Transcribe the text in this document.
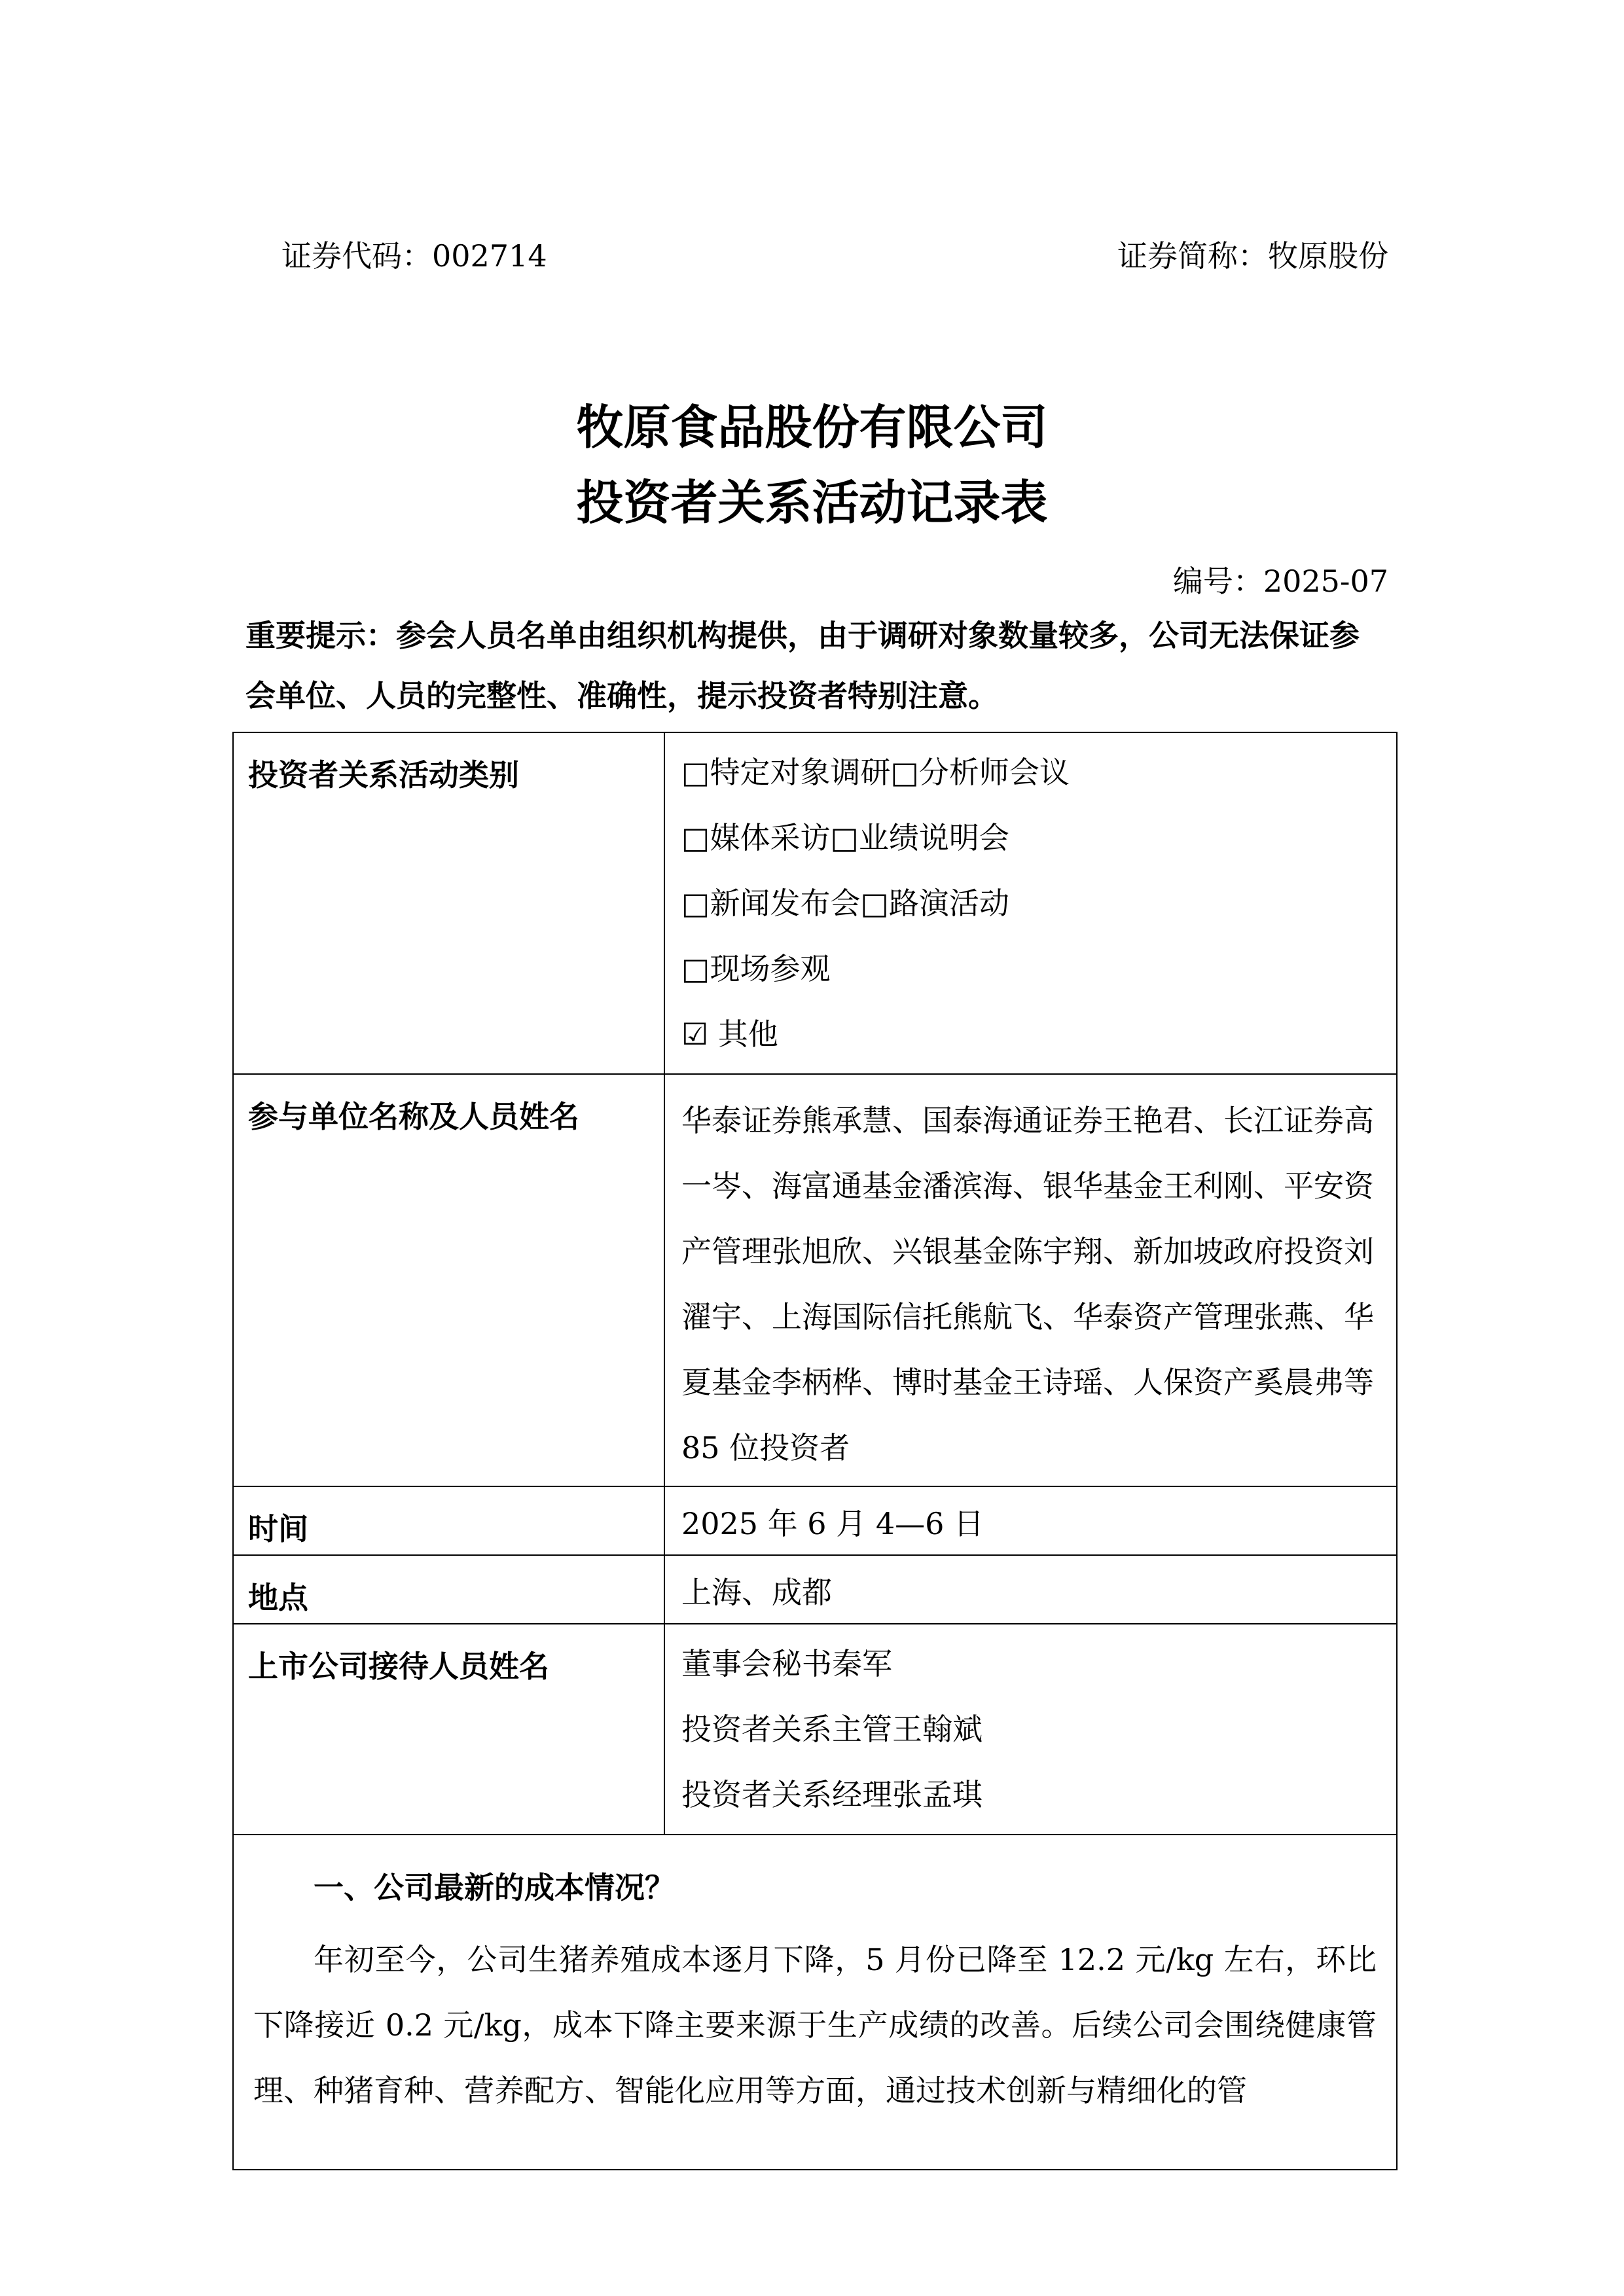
证券代码：002714	证券简称：牧原股份
牧原食品股份有限公司
投资者关系活动记录表
编号：2025-07
重要提示：参会人员名单由组织机构提供，由于调研对象数量较多，公司无法保证参会单位、人员的完整性、准确性，提示投资者特别注意。
投资者关系活动类别	□特定对象调研□分析师会议
□媒体采访□业绩说明会
□新闻发布会□路演活动
□现场参观
☑ 其他

参与单位名称及人员姓名	华泰证券熊承慧、国泰海通证券王艳君、长江证券高一岑、海富通基金潘滨海、银华基金王利刚、平安资产管理张旭欣、兴银基金陈宇翔、新加坡政府投资刘濯宇、上海国际信托熊航飞、华泰资产管理张燕、华夏基金李柄桦、博时基金王诗瑶、人保资产奚晨弗等 85 位投资者
时间	2025 年 6 月 4—6 日
地点	上海、成都
上市公司接待人员姓名	董事会秘书秦军
投资者关系主管王翰斌
投资者关系经理张孟琪

一、公司最新的成本情况？
年初至今，公司生猪养殖成本逐月下降，5 月份已降至 12.2 元/kg 左右，环比下降接近 0.2 元/kg，成本下降主要来源于生产成绩的改善。后续公司会围绕健康管理、种猪育种、营养配方、智能化应用等方面，通过技术创新与精细化的管	
